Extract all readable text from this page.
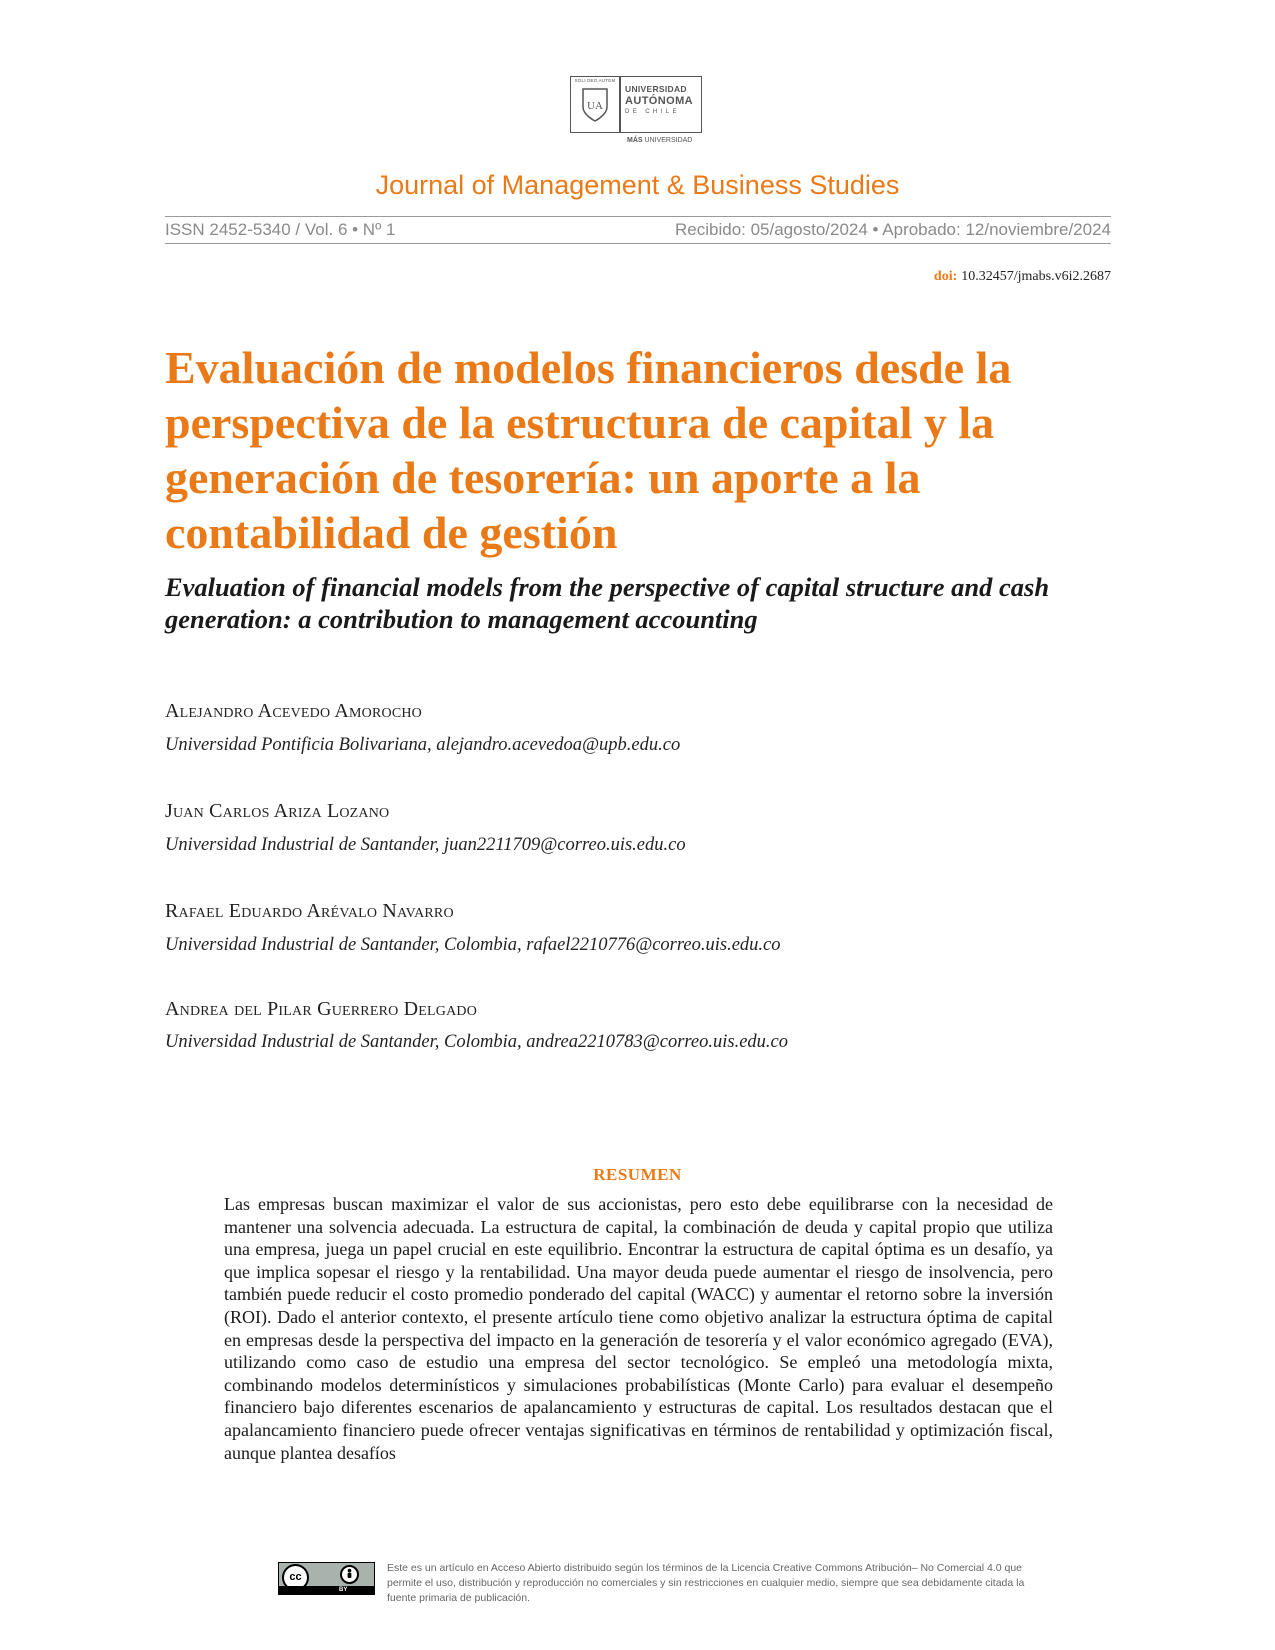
SOLI DEO AUTEM
UA
UNIVERSIDAD
AUTÓNOMA
DE CHILE
MÁS UNIVERSIDAD
Journal of Management & Business Studies
ISSN 2452-5340 / Vol. 6 • Nº 1	Recibido: 05/agosto/2024 • Aprobado: 12/noviembre/2024
doi: 10.32457/jmabs.v6i2.2687
Evaluación de modelos financieros desde la perspectiva de la estructura de capital y la generación de tesorería: un aporte a la contabilidad de gestión
Evaluation of financial models from the perspective of capital structure and cash generation: a contribution to management accounting
Alejandro Acevedo Amorocho
Universidad Pontificia Bolivariana, alejandro.acevedoa@upb.edu.co
Juan Carlos Ariza Lozano
Universidad Industrial de Santander, juan2211709@correo.uis.edu.co
Rafael Eduardo Arévalo Navarro
Universidad Industrial de Santander, Colombia, rafael2210776@correo.uis.edu.co
Andrea del Pilar Guerrero Delgado
Universidad Industrial de Santander, Colombia, andrea2210783@correo.uis.edu.co
RESUMEN

Las empresas buscan maximizar el valor de sus accionistas, pero esto debe equilibrarse con la necesidad de mantener una solvencia adecuada. La estructura de capital, la combinación de deuda y capital propio que utiliza una empresa, juega un papel crucial en este equilibrio. Encontrar la estructura de capital óptima es un desafío, ya que implica sopesar el riesgo y la rentabilidad. Una mayor deuda puede aumentar el riesgo de insolvencia, pero también puede reducir el costo promedio ponderado del capital (WACC) y aumentar el retorno sobre la inversión (ROI). Dado el anterior contexto, el presente artículo tiene como objetivo analizar la estructura óptima de capital en empresas desde la perspectiva del impacto en la generación de tesorería y el valor económico agregado (EVA), utilizando como caso de estudio una empresa del sector tecnológico. Se empleó una metodología mixta, combinando modelos determinísticos y simulaciones probabilísticas (Monte Carlo) para evaluar el desempeño financiero bajo diferentes escenarios de apalancamiento y estructuras de capital. Los resultados destacan que el apalancamiento financiero puede ofrecer ventajas significativas en términos de rentabilidad y optimización fiscal, aunque plantea desafíos

cc
BY

Este es un artículo en Acceso Abierto distribuido según los términos de la Licencia Creative Commons Atribución– No Comercial 4.0 que permite el uso, distribución y reproducción no comerciales y sin restricciones en cualquier medio, siempre que sea debidamente citada la fuente primaria de publicación.
